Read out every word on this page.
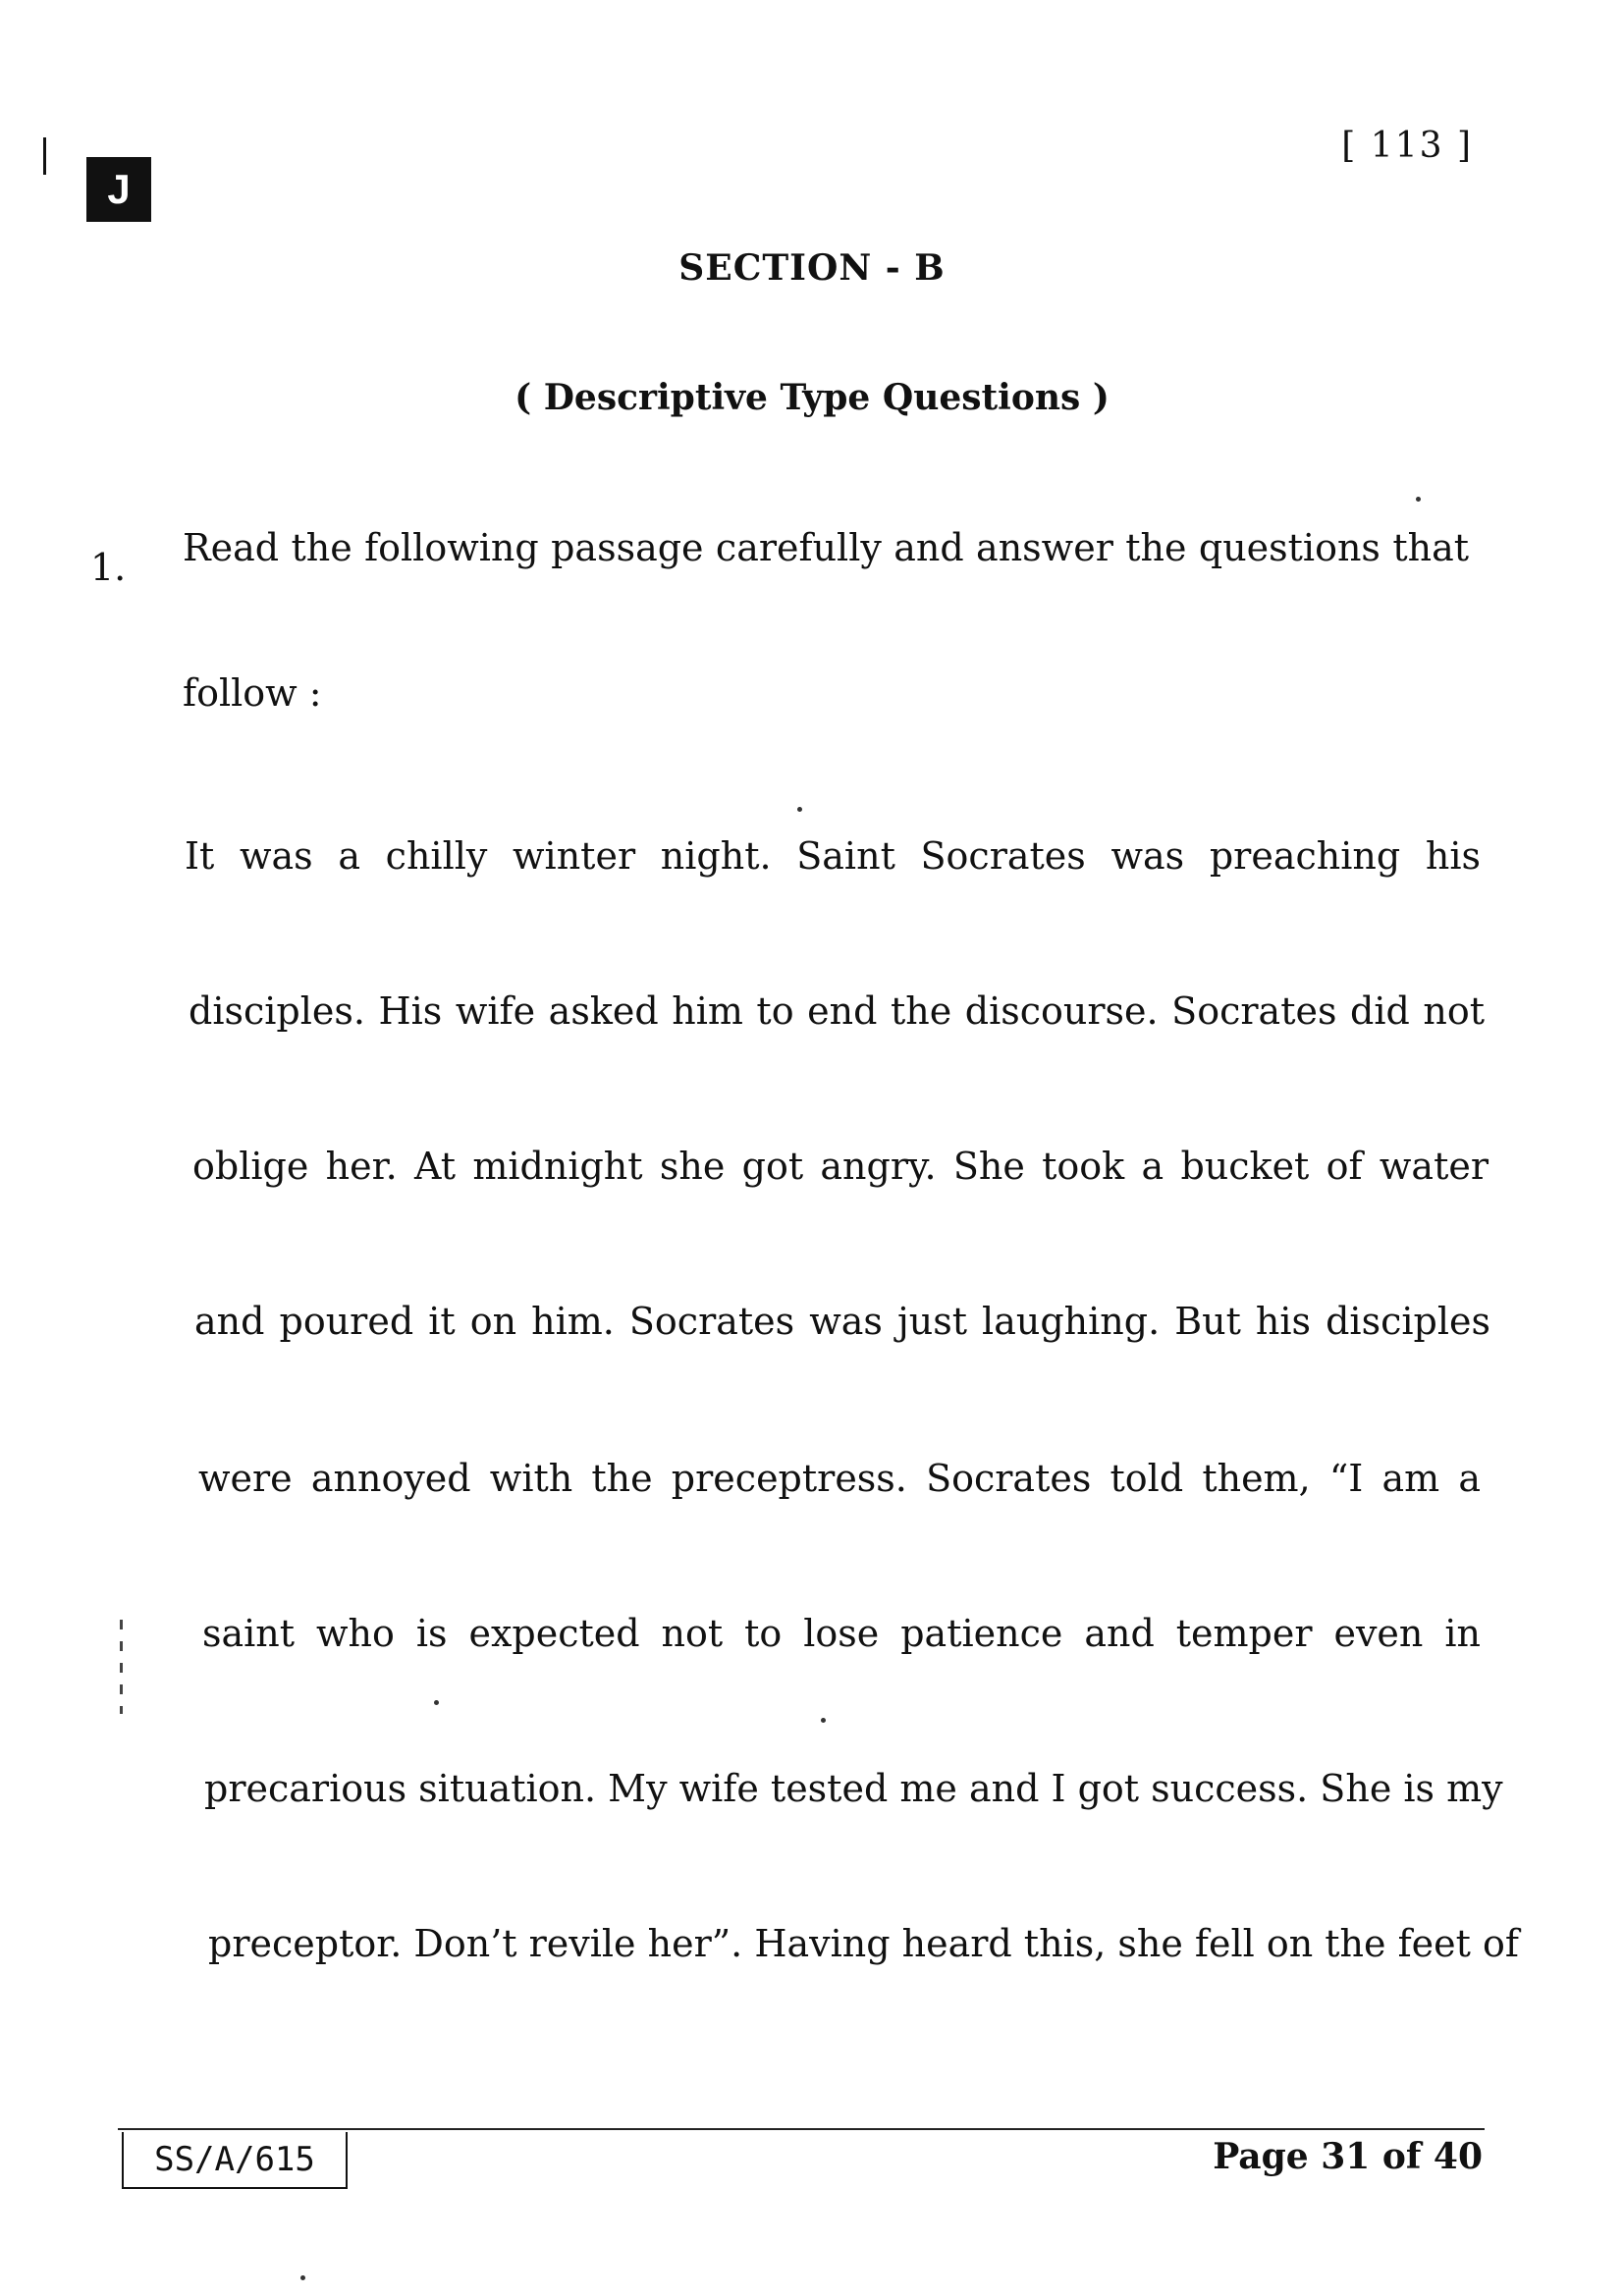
J
[ 113 ]
SECTION - B
( Descriptive Type Questions )
1. Read the following passage carefully and answer the questions that
follow :
It was a chilly winter night. Saint Socrates was preaching his
disciples. His wife asked him to end the discourse. Socrates did not
oblige her. At midnight she got angry. She took a bucket of water
and poured it on him. Socrates was just laughing. But his disciples
were annoyed with the preceptress. Socrates told them, “I am a
saint who is expected not to lose patience and temper even in
precarious situation. My wife tested me and I got success. She is my
preceptor. Don’t revile her”. Having heard this, she fell on the feet of
SS/A/615	Page 31 of 40
